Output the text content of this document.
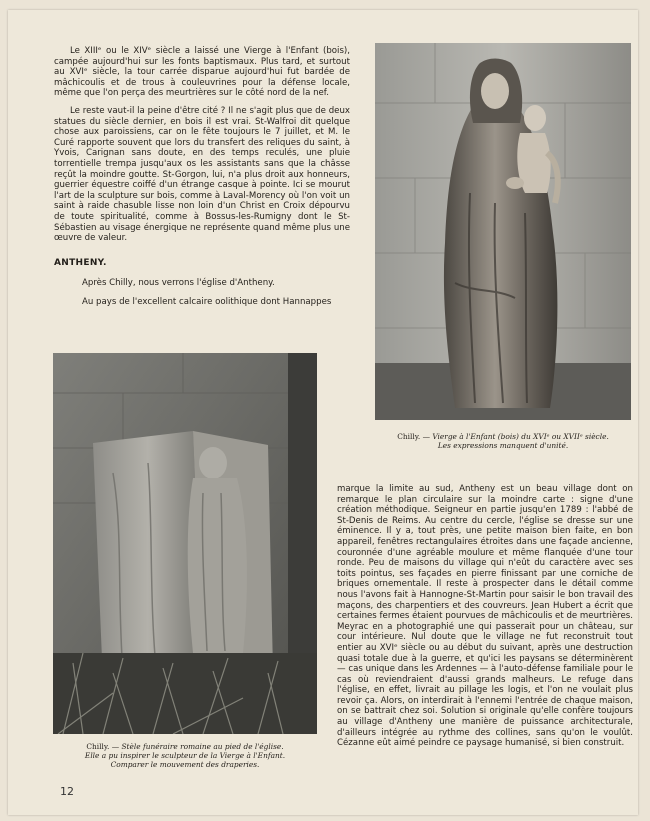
Le XIIIᵉ ou le XIVᵉ siècle a laissé une Vierge à l'Enfant (bois), campée aujourd'hui sur les fonts baptismaux. Plus tard, et surtout au XVIᵉ siècle, la tour carrée disparue aujourd'hui fut bardée de mâchicoulis et de trous à couleuvrines pour la défense locale, même que l'on perça des meurtrières sur le côté nord de la nef.

Le reste vaut-il la peine d'être cité ? Il ne s'agit plus que de deux statues du siècle dernier, en bois il est vrai. St-Walfroi dit quelque chose aux paroissiens, car on le fête toujours le 7 juillet, et M. le Curé rapporte souvent que lors du transfert des reliques du saint, à Yvois, Carignan sans doute, en des temps reculés, une pluie torrentielle trempa jusqu'aux os les assistants sans que la châsse reçût la moindre goutte. St-Gorgon, lui, n'a plus droit aux honneurs, guerrier équestre coiffé d'un étrange casque à pointe. Ici se mourut l'art de la sculpture sur bois, comme à Laval-Morency où l'on voit un saint à raide chasuble lisse non loin d'un Christ en Croix dépourvu de toute spiritualité, comme à Bossus-les-Rumigny dont le St-Sébastien au visage énergique ne représente quand même plus une œuvre de valeur.

ANTHENY.

Après Chilly, nous verrons l'église d'Antheny.

Au pays de l'excellent calcaire oolithique dont Hannappes

Chilly. — Vierge à l'Enfant (bois) du XVIᵉ ou XVIIᵉ siècle.
Les expressions manquent d'unité.
Chilly. — Stèle funéraire romaine au pied de l'église.
Elle a pu inspirer le sculpteur de la Vierge à l'Enfant.
Comparer le mouvement des draperies.

marque la limite au sud, Antheny est un beau village dont on remarque le plan circulaire sur la moindre carte : signe d'une création méthodique. Seigneur en partie jusqu'en 1789 : l'abbé de St-Denis de Reims. Au centre du cercle, l'église se dresse sur une éminence. Il y a, tout près, une petite maison bien faite, en bon appareil, fenêtres rectangulaires étroites dans une façade ancienne, couronnée d'une agréable moulure et même flanquée d'une tour ronde. Peu de maisons du village qui n'eût du caractère avec ses toits pointus, ses façades en pierre finissant par une corniche de briques ornementale. Il reste à prospecter dans le détail comme nous l'avons fait à Hannogne-St-Martin pour saisir le bon travail des maçons, des charpentiers et des couvreurs. Jean Hubert a écrit que certaines fermes étaient pourvues de mâchicoulis et de meurtrières. Meyrac en a photographié une qui passerait pour un château, sur cour intérieure. Nul doute que le village ne fut reconstruit tout entier au XVIᵉ siècle ou au début du suivant, après une destruction quasi totale due à la guerre, et qu'ici les paysans se déterminèrent — cas unique dans les Ardennes — à l'auto-défense familiale pour le cas où reviendraient d'aussi grands malheurs. Le refuge dans l'église, en effet, livrait au pillage les logis, et l'on ne voulait plus revoir ça. Alors, on interdirait à l'ennemi l'entrée de chaque maison, on se battrait chez soi. Solution si originale qu'elle confère toujours au village d'Antheny une manière de puissance architecturale, d'ailleurs intégrée au rythme des collines, sans qu'on le voulût. Cézanne eût aimé peindre ce paysage humanisé, si bien construit.

12
